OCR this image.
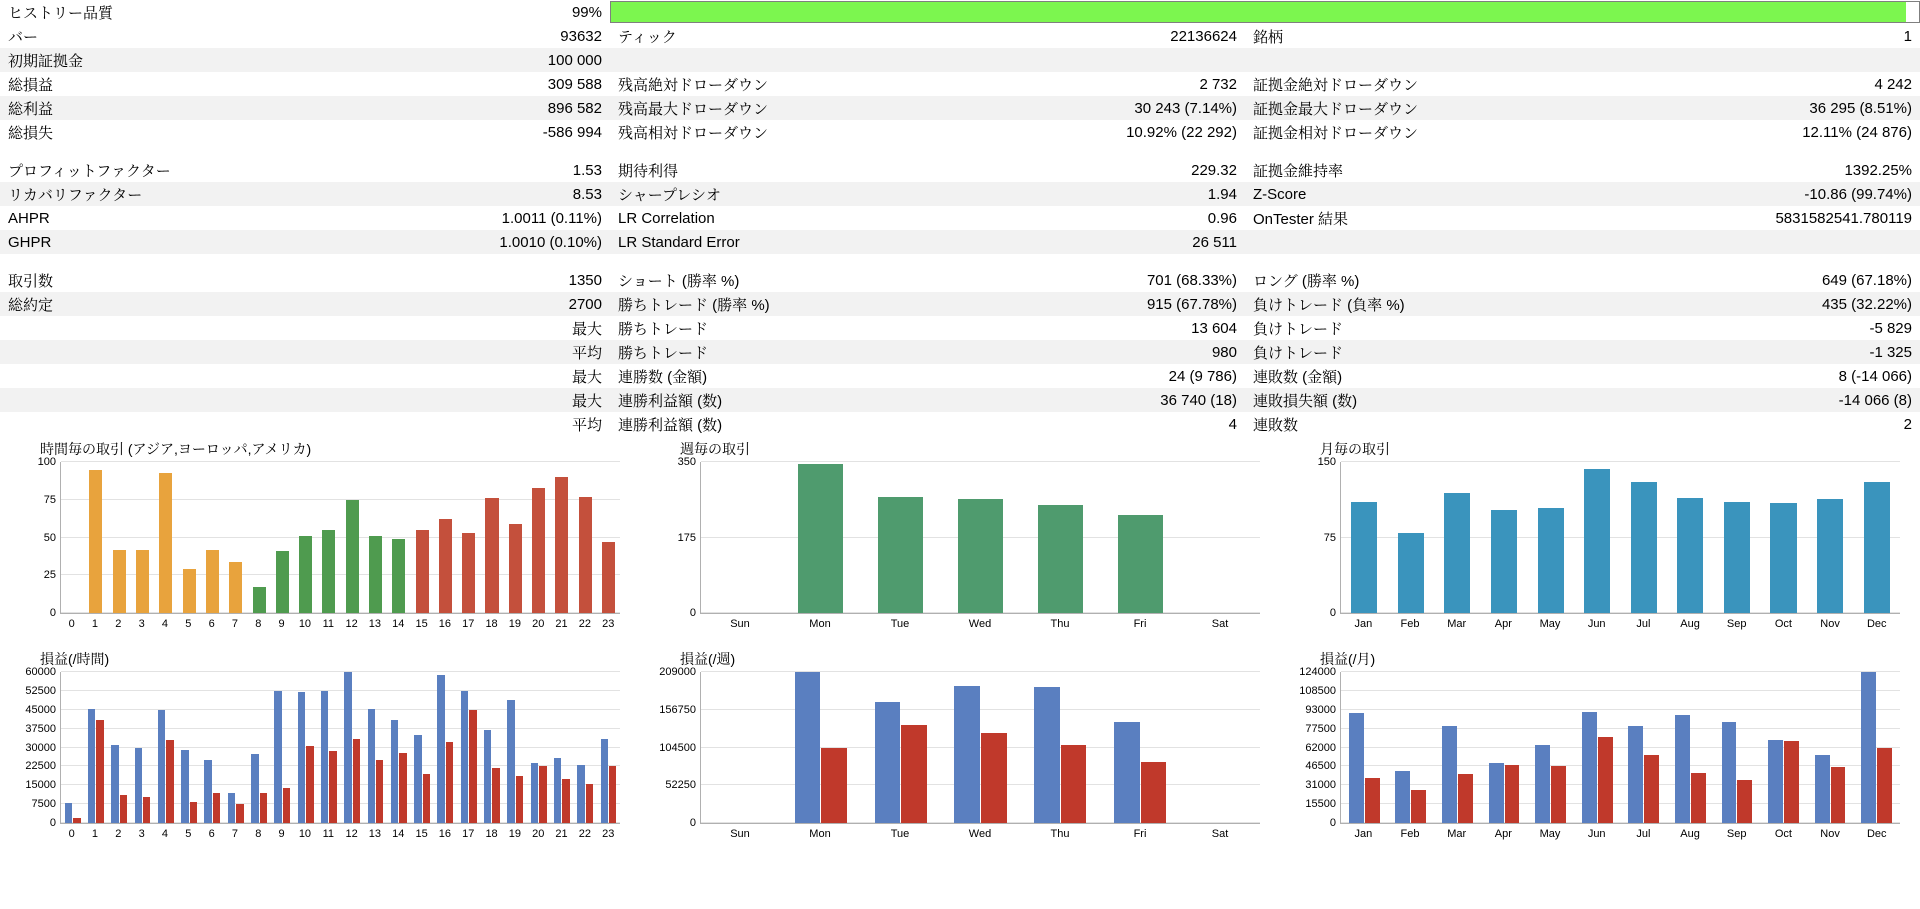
ヒストリー品質	99%	
バー	93632	ティック	22136624	銘柄	1
初期証拠金	100 000				
総損益	309 588	残高絶対ドローダウン	2 732	証拠金絶対ドローダウン	4 242
総利益	896 582	残高最大ドローダウン	30 243 (7.14%)	証拠金最大ドローダウン	36 295 (8.51%)
総損失	-586 994	残高相対ドローダウン	10.92% (22 292)	証拠金相対ドローダウン	12.11% (24 876)

プロフィットファクター	1.53	期待利得	229.32	証拠金維持率	1392.25%
リカバリファクター	8.53	シャープレシオ	1.94	Z-Score	-10.86 (99.74%)
AHPR	1.0011 (0.11%)	LR Correlation	0.96	OnTester 結果	5831582541.780119
GHPR	1.0010 (0.10%)	LR Standard Error	26 511		

取引数	1350	ショート (勝率 %)	701 (68.33%)	ロング (勝率 %)	649 (67.18%)
総約定	2700	勝ちトレード (勝率 %)	915 (67.78%)	負けトレード (負率 %)	435 (32.22%)
	最大	勝ちトレード	13 604	負けトレード	-5 829
	平均	勝ちトレード	980	負けトレード	-1 325
	最大	連勝数 (金額)	24 (9 786)	連敗数 (金額)	8 (-14 066)
	最大	連勝利益額 (数)	36 740 (18)	連敗損失額 (数)	-14 066 (8)
	平均	連勝利益額 (数)	4	連敗数	2
時間毎の取引 (アジア,ヨーロッパ,アメリカ)
0
25
50
75
100
0	1	2	3	4	5	6	7	8	9	10	11	12	13	14	15	16	17	18	19	20	21	22	23
週毎の取引
0
175
350
Sun	Mon	Tue	Wed	Thu	Fri	Sat
月毎の取引
0
75
150
Jan	Feb	Mar	Apr	May	Jun	Jul	Aug	Sep	Oct	Nov	Dec
損益(/時間)
0
7500
15000
22500
30000
37500
45000
52500
60000
0	1	2	3	4	5	6	7	8	9	10	11	12	13	14	15	16	17	18	19	20	21	22	23
損益(/週)
0
52250
104500
156750
209000
Sun	Mon	Tue	Wed	Thu	Fri	Sat
損益(/月)
0
15500
31000
46500
62000
77500
93000
108500
124000
Jan	Feb	Mar	Apr	May	Jun	Jul	Aug	Sep	Oct	Nov	Dec
